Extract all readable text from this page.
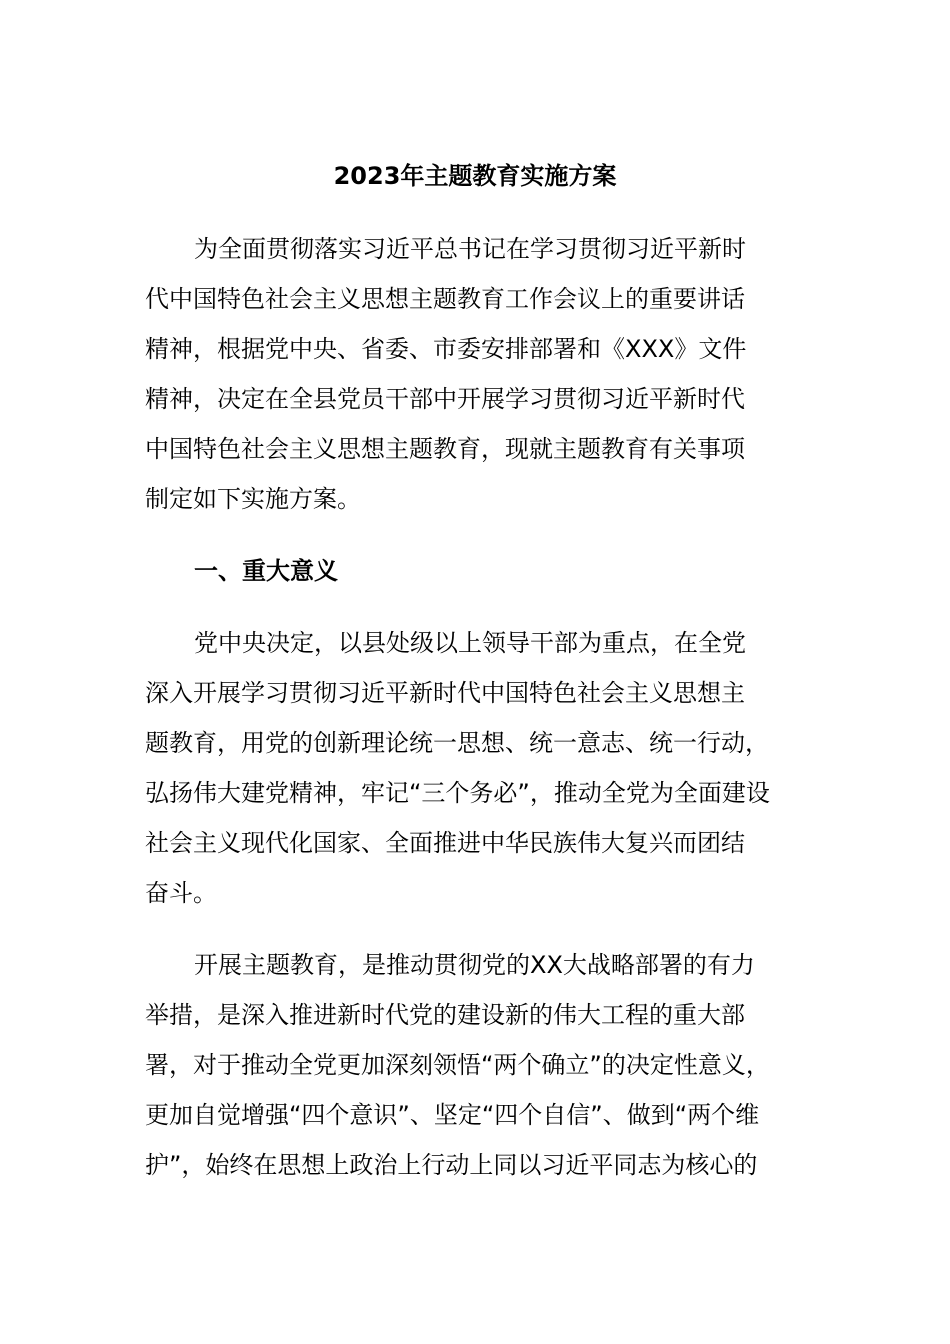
2023年主题教育实施方案
为全面贯彻落实习近平总书记在学习贯彻习近平新时
代中国特色社会主义思想主题教育工作会议上的重要讲话
精神，根据党中央、省委、市委安排部署和《XXX》文件
精神，决定在全县党员干部中开展学习贯彻习近平新时代
中国特色社会主义思想主题教育，现就主题教育有关事项
制定如下实施方案。
一、重大意义
党中央决定，以县处级以上领导干部为重点，在全党
深入开展学习贯彻习近平新时代中国特色社会主义思想主
题教育，用党的创新理论统一思想、统一意志、统一行动，
弘扬伟大建党精神，牢记“三个务必”，推动全党为全面建设
社会主义现代化国家、全面推进中华民族伟大复兴而团结
奋斗。
开展主题教育，是推动贯彻党的XX大战略部署的有力
举措，是深入推进新时代党的建设新的伟大工程的重大部
署，对于推动全党更加深刻领悟“两个确立”的决定性意义，
更加自觉增强“四个意识”、坚定“四个自信”、做到“两个维
护”，始终在思想上政治上行动上同以习近平同志为核心的
